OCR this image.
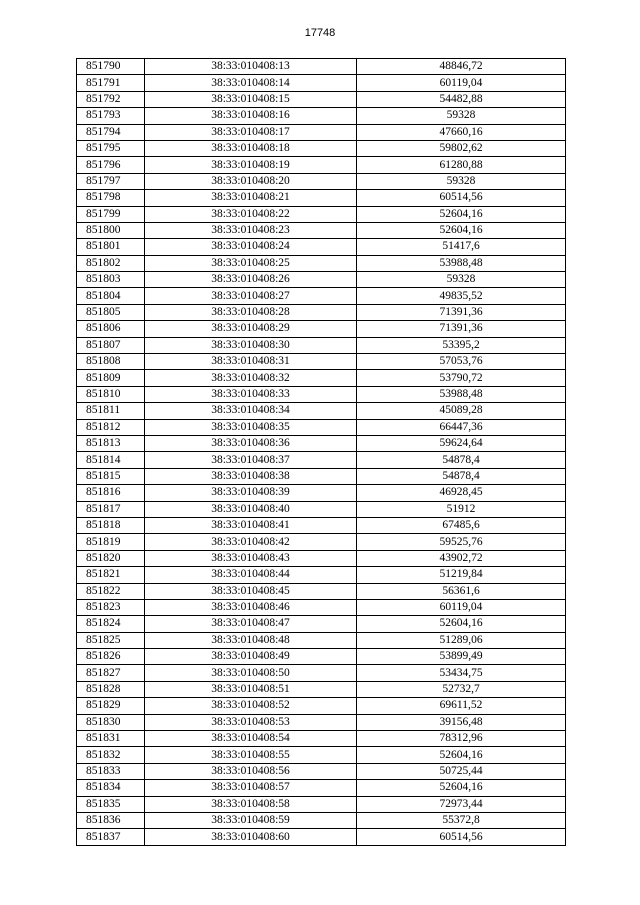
17748
851790	38:33:010408:13	48846,72
851791	38:33:010408:14	60119,04
851792	38:33:010408:15	54482,88
851793	38:33:010408:16	59328
851794	38:33:010408:17	47660,16
851795	38:33:010408:18	59802,62
851796	38:33:010408:19	61280,88
851797	38:33:010408:20	59328
851798	38:33:010408:21	60514,56
851799	38:33:010408:22	52604,16
851800	38:33:010408:23	52604,16
851801	38:33:010408:24	51417,6
851802	38:33:010408:25	53988,48
851803	38:33:010408:26	59328
851804	38:33:010408:27	49835,52
851805	38:33:010408:28	71391,36
851806	38:33:010408:29	71391,36
851807	38:33:010408:30	53395,2
851808	38:33:010408:31	57053,76
851809	38:33:010408:32	53790,72
851810	38:33:010408:33	53988,48
851811	38:33:010408:34	45089,28
851812	38:33:010408:35	66447,36
851813	38:33:010408:36	59624,64
851814	38:33:010408:37	54878,4
851815	38:33:010408:38	54878,4
851816	38:33:010408:39	46928,45
851817	38:33:010408:40	51912
851818	38:33:010408:41	67485,6
851819	38:33:010408:42	59525,76
851820	38:33:010408:43	43902,72
851821	38:33:010408:44	51219,84
851822	38:33:010408:45	56361,6
851823	38:33:010408:46	60119,04
851824	38:33:010408:47	52604,16
851825	38:33:010408:48	51289,06
851826	38:33:010408:49	53899,49
851827	38:33:010408:50	53434,75
851828	38:33:010408:51	52732,7
851829	38:33:010408:52	69611,52
851830	38:33:010408:53	39156,48
851831	38:33:010408:54	78312,96
851832	38:33:010408:55	52604,16
851833	38:33:010408:56	50725,44
851834	38:33:010408:57	52604,16
851835	38:33:010408:58	72973,44
851836	38:33:010408:59	55372,8
851837	38:33:010408:60	60514,56
